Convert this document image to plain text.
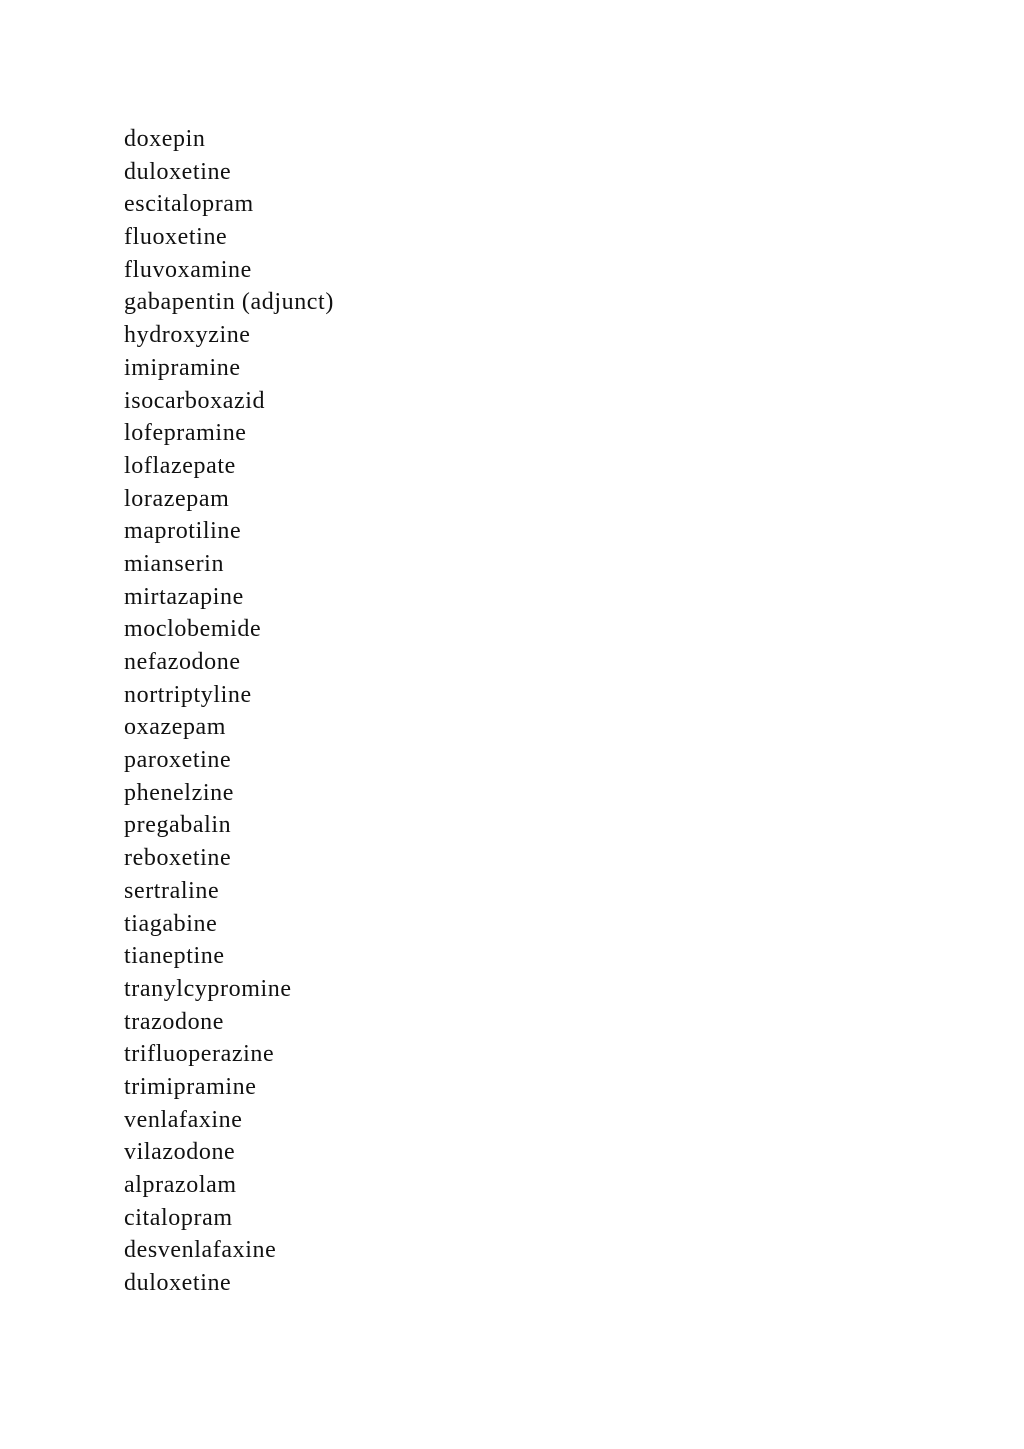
doxepin
duloxetine
escitalopram
fluoxetine
fluvoxamine
gabapentin (adjunct)
hydroxyzine
imipramine
isocarboxazid
lofepramine
loflazepate
lorazepam
maprotiline
mianserin
mirtazapine
moclobemide
nefazodone
nortriptyline
oxazepam
paroxetine
phenelzine
pregabalin
reboxetine
sertraline
tiagabine
tianeptine
tranylcypromine
trazodone
trifluoperazine
trimipramine
venlafaxine
vilazodone
alprazolam
citalopram
desvenlafaxine
duloxetine
